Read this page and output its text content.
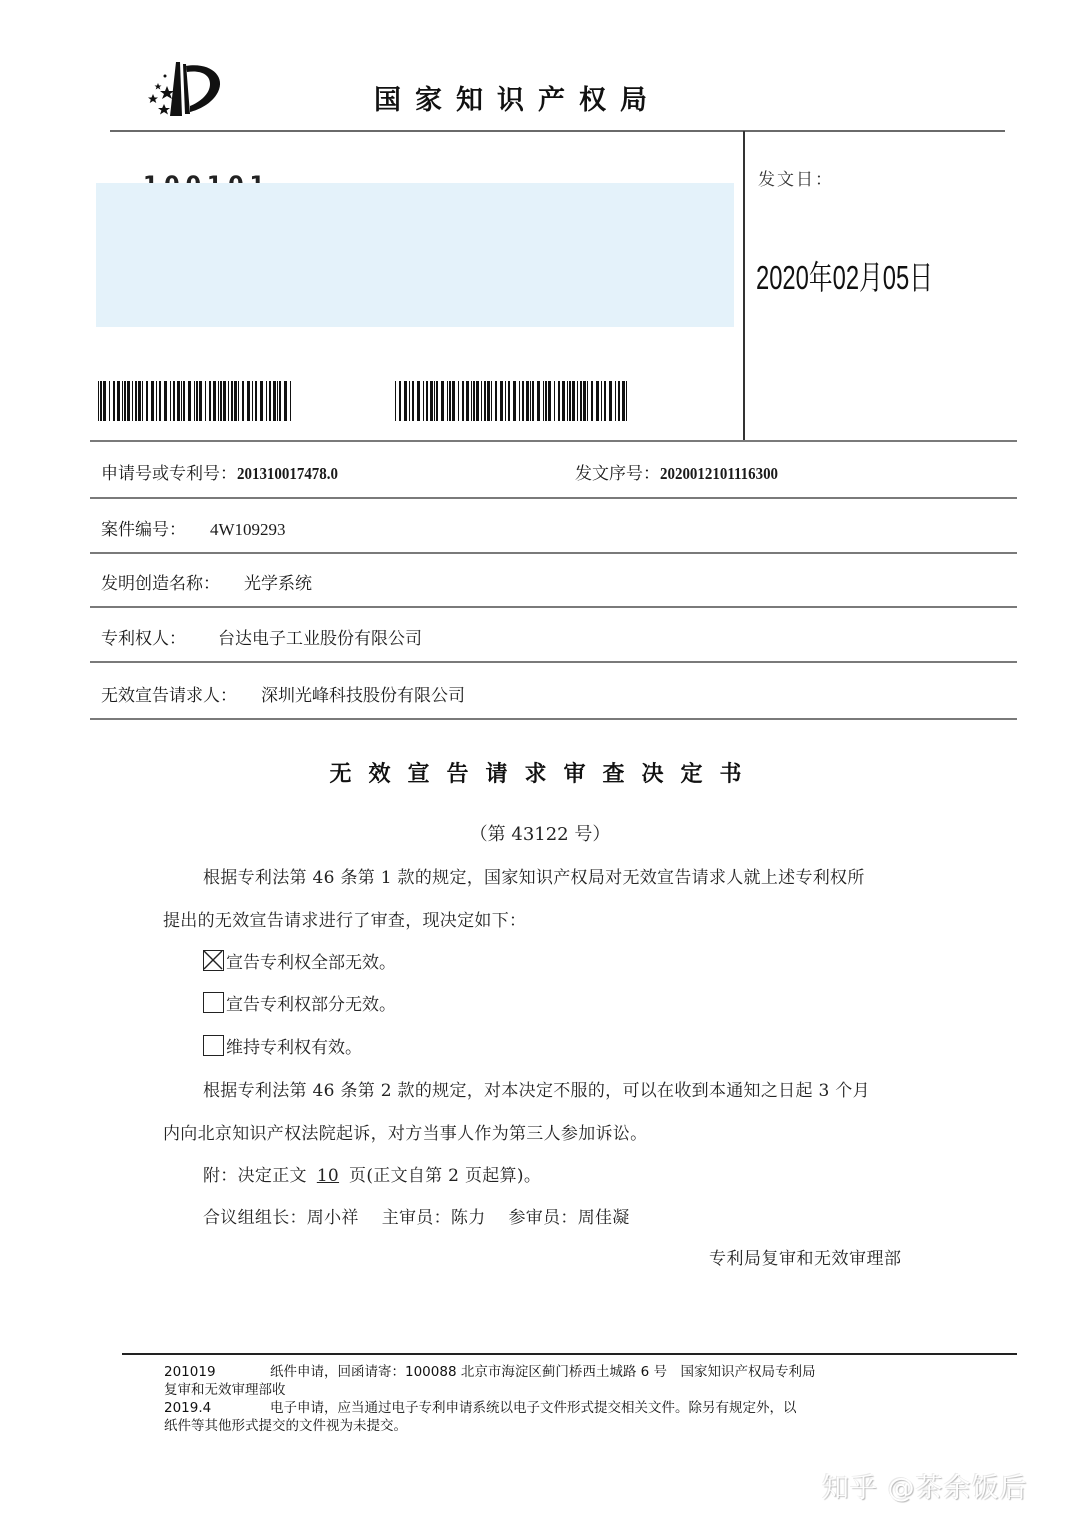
国家知识产权局
发文日：
2020年02月05日
申请号或专利号：201310017478.0	发文序号：2020012101116300
案件编号： 4W109293
发明创造名称： 光学系统
专利权人： 台达电子工业股份有限公司
无效宣告请求人： 深圳光峰科技股份有限公司
无效宣告请求审查决定书
（第 43122 号）
根据专利法第 46 条第 1 款的规定，国家知识产权局对无效宣告请求人就上述专利权所
提出的无效宣告请求进行了审查，现决定如下：
宣告专利权全部无效。
宣告专利权部分无效。
维持专利权有效。
根据专利法第 46 条第 2 款的规定，对本决定不服的，可以在收到本通知之日起 3 个月
内向北京知识产权法院起诉，对方当事人作为第三人参加诉讼。
附：决定正文 10 页(正文自第 2 页起算)。
合议组组长：周小祥　 主审员：陈力　 参审员：周佳凝
专利局复审和无效审理部
201019	纸件申请，回函请寄：100088 北京市海淀区蓟门桥西土城路 6 号　国家知识产权局专利局
复审和无效审理部收
2019.4	电子申请，应当通过电子专利申请系统以电子文件形式提交相关文件。除另有规定外，以
纸件等其他形式提交的文件视为未提交。
知乎 @茶余饭后
